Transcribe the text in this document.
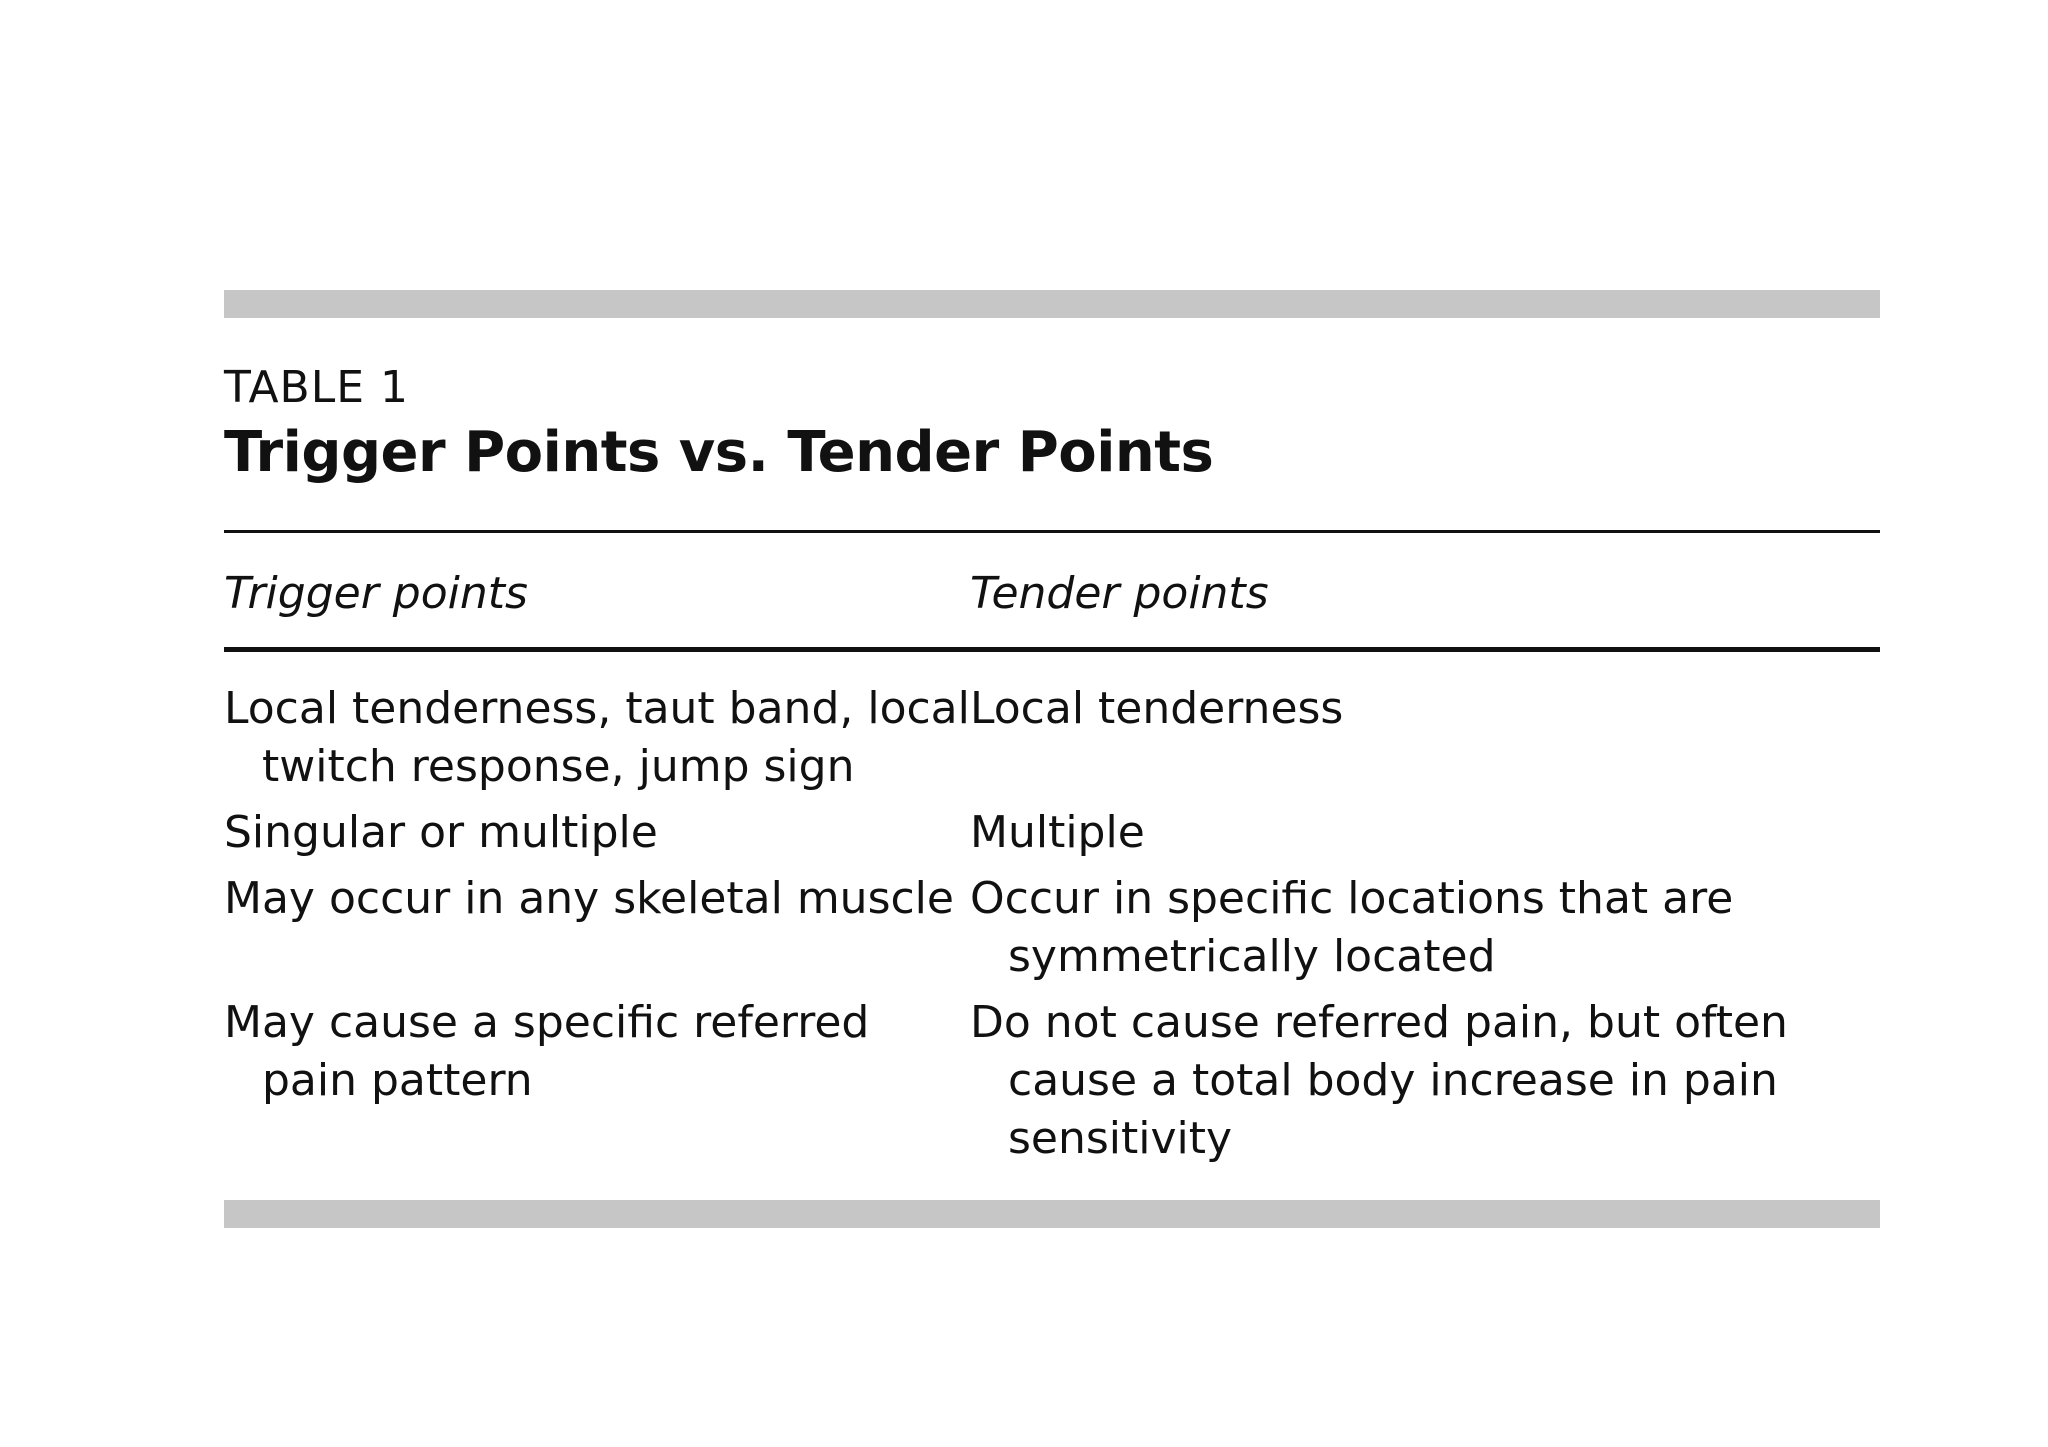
TABLE 1
Trigger Points vs. Tender Points
Trigger points	Tender points
Local tenderness, taut band, local twitch response, jump sign
Local tenderness
Singular or multiple	Multiple
May occur in any skeletal muscle Occur in specific locations that are symmetrically located
May cause a specific referred pain pattern
Do not cause referred pain, but often cause a total body increase in pain sensitivity
